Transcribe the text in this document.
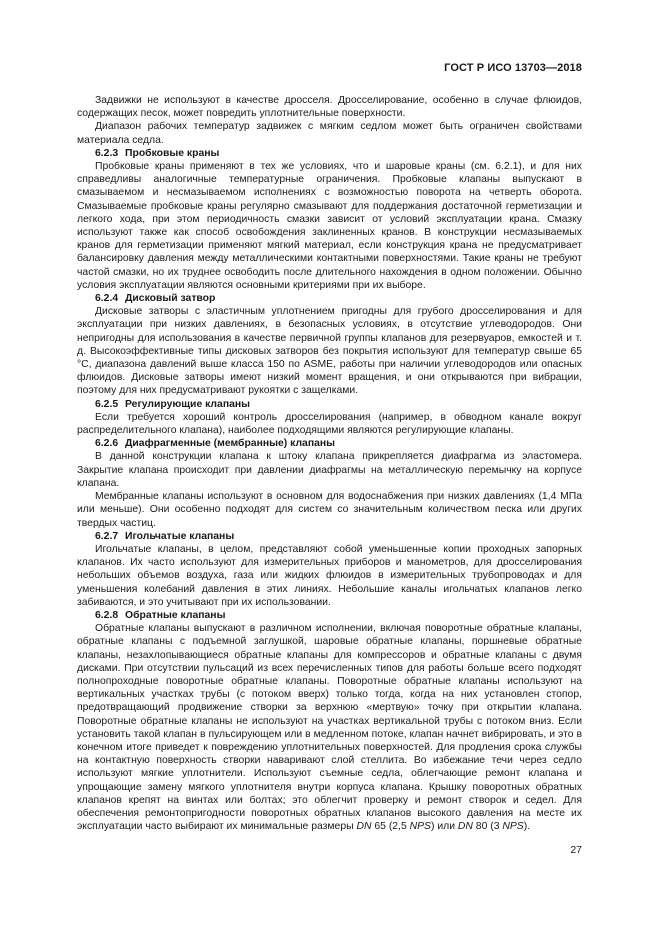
ГОСТ Р ИСО 13703—2018

Задвижки не используют в качестве дросселя. Дросселирование, особенно в случае флюидов, содержащих песок, может повредить уплотнительные поверхности.

Диапазон рабочих температур задвижек с мягким седлом может быть ограничен свойствами материала седла.

6.2.3 Пробковые краны

Пробковые краны применяют в тех же условиях, что и шаровые краны (см. 6.2.1), и для них справедливы аналогичные температурные ограничения. Пробковые клапаны выпускают в смазываемом и несмазываемом исполнениях с возможностью поворота на четверть оборота. Смазываемые пробковые краны регулярно смазывают для поддержания достаточной герметизации и легкого хода, при этом периодичность смазки зависит от условий эксплуатации крана. Смазку используют также как способ освобождения заклиненных кранов. В конструкции несмазываемых кранов для герметизации применяют мягкий материал, если конструкция крана не предусматривает балансировку давления между металлическими контактными поверхностями. Такие краны не требуют частой смазки, но их труднее освободить после длительного нахождения в одном положении. Обычно условия эксплуатации являются основными критериями при их выборе.

6.2.4 Дисковый затвор

Дисковые затворы с эластичным уплотнением пригодны для грубого дросселирования и для эксплуатации при низких давлениях, в безопасных условиях, в отсутствие углеводородов. Они непригодны для использования в качестве первичной группы клапанов для резервуаров, емкостей и т. д. Высокоэффективные типы дисковых затворов без покрытия используют для температур свыше 65 °C, диапазона давлений выше класса 150 по ASME, работы при наличии углеводородов или опасных флюидов. Дисковые затворы имеют низкий момент вращения, и они открываются при вибрации, поэтому для них предусматривают рукоятки с защелками.

6.2.5 Регулирующие клапаны

Если требуется хороший контроль дросселирования (например, в обводном канале вокруг распределительного клапана), наиболее подходящими являются регулирующие клапаны.

6.2.6 Диафрагменные (мембранные) клапаны

В данной конструкции клапана к штоку клапана прикрепляется диафрагма из эластомера. Закрытие клапана происходит при давлении диафрагмы на металлическую перемычку на корпусе клапана.

Мембранные клапаны используют в основном для водоснабжения при низких давлениях (1,4 МПа или меньше). Они особенно подходят для систем со значительным количеством песка или других твердых частиц.

6.2.7 Игольчатые клапаны

Игольчатые клапаны, в целом, представляют собой уменьшенные копии проходных запорных клапанов. Их часто используют для измерительных приборов и манометров, для дросселирования небольших объемов воздуха, газа или жидких флюидов в измерительных трубопроводах и для уменьшения колебаний давления в этих линиях. Небольшие каналы игольчатых клапанов легко забиваются, и это учитывают при их использовании.

6.2.8 Обратные клапаны

Обратные клапаны выпускают в различном исполнении, включая поворотные обратные клапаны, обратные клапаны с подъемной заглушкой, шаровые обратные клапаны, поршневые обратные клапаны, незахлопывающиеся обратные клапаны для компрессоров и обратные клапаны с двумя дисками. При отсутствии пульсаций из всех перечисленных типов для работы больше всего подходят полнопроходные поворотные обратные клапаны. Поворотные обратные клапаны используют на вертикальных участках трубы (с потоком вверх) только тогда, когда на них установлен стопор, предотвращающий продвижение створки за верхнюю «мертвую» точку при открытии клапана. Поворотные обратные клапаны не используют на участках вертикальной трубы с потоком вниз. Если установить такой клапан в пульсирующем или в медленном потоке, клапан начнет вибрировать, и это в конечном итоге приведет к повреждению уплотнительных поверхностей. Для продления срока службы на контактную поверхность створки наваривают слой стеллита. Во избежание течи через седло используют мягкие уплотнители. Используют съемные седла, облегчающие ремонт клапана и упрощающие замену мягкого уплотнителя внутри корпуса клапана. Крышку поворотных обратных клапанов крепят на винтах или болтах; это облегчит проверку и ремонт створок и седел. Для обеспечения ремонтопригодности поворотных обратных клапанов высокого давления на месте их эксплуатации часто выбирают их минимальные размеры DN 65 (2,5 NPS) или DN 80 (3 NPS).

27
